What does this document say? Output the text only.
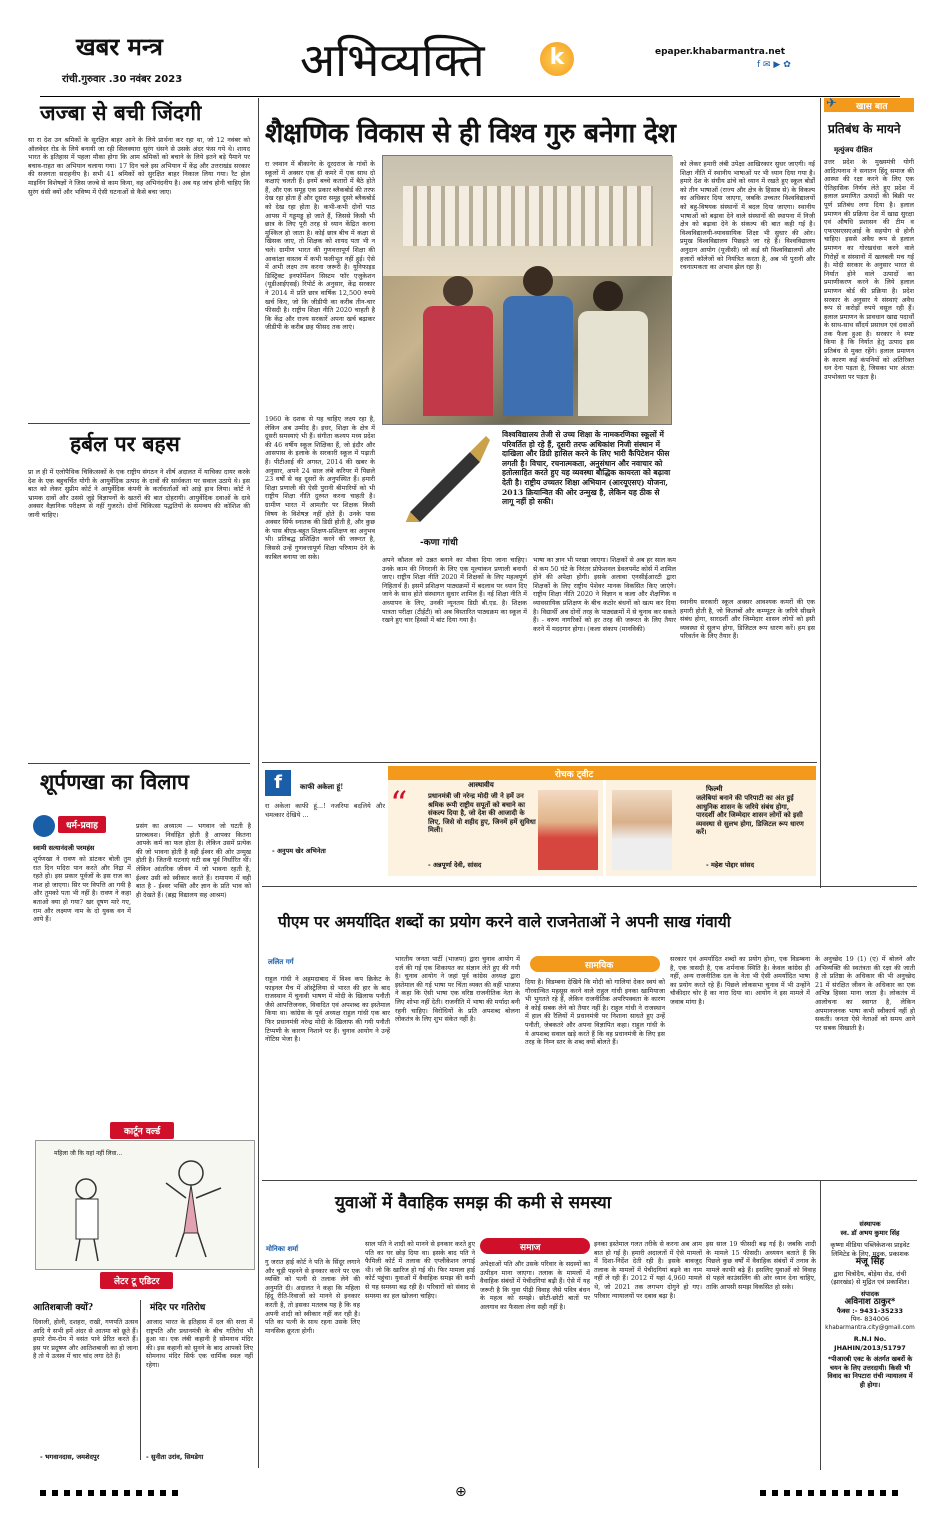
खबर मन्त्र
रांची.गुरुवार .30 नवंबर 2023	अभिव्यक्ति	k	epaper.khabarmantra.net
f ✉ ▶ ✿
जज्बा से बची जिंदगी
सा रा देश उन श्रमिकों के सुरक्षित बाहर आने के लिये प्रार्थना कर रहा था, जो 12 नवंबर को ऑलवेदर रोड के लिये बनायी जा रही सिलक्यारा सुरंग धंसने से उसके अंदर फंस गये थे। शायद भारत के इतिहास में पहला मौका होगा कि आम श्रमिकों को बचाने के लिये इतने बड़े पैमाने पर बचाव-राहत का अभियान चलाया गया। 17 दिन चले इस अभियान में केंद्र और उत्तराखंड सरकार की सजगता सराहनीय है। सभी 41 श्रमिकों को सुरक्षित बाहर निकाल लिया गया। रैट होल माइनिंग विशेषज्ञों ने जिस जज्बे से काम किया, वह अभिनंदनीय है। अब यह जांच होनी चाहिए कि सुरंग धंसी क्यों और भविष्य में ऐसी घटनाओं से कैसे बचा जाए।
हर्बल पर बहस
प्रा ल ही में एलोपैथिक चिकित्सकों के एक राष्ट्रीय संगठन ने शीर्ष अदालत में याचिका दायर करके देश के एक बहुचर्चित योगी के आयुर्वेदिक उत्पाद के दावों की सार्थकता पर सवाल उठाये थे। इस बात को लेकर सुप्रीम कोर्ट ने आयुर्वेदिक कंपनी के कर्ताधर्ताओं को आड़े हाथ लिया। कोर्ट ने भ्रामक दावों और उससे जुड़े विज्ञापनों के खतरों की बात दोहरायी। आयुर्वेदिक दवाओं के दावे अक्सर वैज्ञानिक परीक्षण से नहीं गुजरते। दोनों चिकित्सा पद्धतियों के समन्वय की कोशिश की जानी चाहिए।
शूर्पणखा का विलाप
धर्म-प्रवाह
स्वामी सत्यानंदजी परमहंस
शूर्पणखा ने रावण को डांटकर बोली तुम रात दिन मदिरा पान करते और निद्रा में रहते हो। इस प्रकार पूर्वजों के इस राज का नाश हो जाएगा। सिर पर विपत्ति आ गयी है और तुमको पता भी नहीं है। रावण ने कहा बताओ क्या हो गया? खर दूषण मारे गए, राम और लक्ष्मण नाम के दो युवक वन में आये हैं।
प्रसंग का अध्यात्म — भगवान जो घटती है प्रारब्धवश। निर्वाहित होती है आपका कितना आपके कर्म का फल होता है। लेकिन उसमें प्रत्येक की जो भावना होती है वही ईश्वर की ओर उन्मुख होती है। जितनी घटनाएं घटी सब पूर्व निर्धारित थीं। लेकिन आंतरिक जीवन में जो भावना रहती है, ईश्वर उसी को स्वीकार करते हैं। रामायण में वही बात है - ईश्वर भक्ति और ज्ञान के प्रति भाव को ही देखते हैं। (ब्रह्म विद्यालय सह आश्रम)
कार्टून वर्ल्ड
महिला जी कि यहां नहीं लिवा...
लेटर टू एडिटर
आतिशबाजी क्यों?
दिवाली, होली, दशहरा, राखी, गणपति उत्सव आदि ये सभी हमें अंदर से आतमा को छूते हैं। हमारे रोम-रोम में वसंत पाने प्रेरित करते हैं। इस पर प्रदूषण और आतिशबाजी का हो जाना है तो ये उत्सव में चार चांद लगा देते हैं।
- भगवानदास, जमशेदपुर
मंदिर पर गतिरोध
आजाद भारत के इतिहास में दल की सत्ता में राष्ट्रपति और प्रधानमंत्री के बीच गतिरोध भी हुआ था। एक लंबी कहानी है सोमनाथ मंदिर की। इस कहानी को सुनने के बाद आपको लिए सोमनाथ मंदिर सिर्फ एक धार्मिक स्थल नहीं रहेगा।
- सुनीता उरांव, सिमडेगा
शैक्षणिक विकास से ही विश्व गुरु बनेगा देश
रा ज्स्थान में बीकानेर के दूरदराज के गांवों के स्कूलों में अक्सर एक ही कमरे में एक साथ दो कक्षाएं चलती हैं। इनमें बच्चे कतारों में बैठे होते हैं, और एक समूह एक प्रकार ब्लैकबोर्ड की तरफ देख रहा होता है और दूसरा समूह दूसरे ब्लैकबोर्ड को देख रहा होता है। कभी-कभी दोनों पाठ आपस में गड्डमड्ड हो जाते हैं, जिससे किसी भी छात्र के लिए पूरी तरह से ध्यान केंद्रित करना मुश्किल हो जाता है। कोई छात्र बीच में कक्षा से खिसक जाए, तो शिक्षक को शायद पता भी न चले। ग्रामीण भारत की गुणवत्तापूर्ण शिक्षा की आकांक्षा वास्तव में कभी फलीभूत नहीं हुई। ऐसे में अभी लक्ष्य तय करना जरूरी है। यूनिफाइड डिस्ट्रिक्ट इनफॉर्मेशन सिस्टम फॉर एजुकेशन (यूडीआईएसई) रिपोर्ट के अनुसार, केंद्र सरकार ने 2014 में प्रति छात्र वार्षिक 12,500 रुपये खर्च किए, जो कि जीडीपी का करीब तीन-चार फीसदी है। राष्ट्रीय शिक्षा नीति 2020 चाहती है कि केंद्र और राज्य सरकारें अपना खर्च बढ़ाकर जीडीपी के करीब छह फीसद तक लाएं।
1960 के दशक से यह चाहिए लक्ष्य रहा है, लेकिन अब उम्मीद है। इधर, शिक्षा के क्षेत्र में दूसरी समस्याएं भी हैं। संगीता कश्यप मध्य प्रदेश की 46 वर्षीय स्कूल शिक्षिका हैं, जो इंदौर और आसपास के इलाके के सरकारी स्कूल में पढ़ाती हैं। पीटीआई की अगस्त, 2014 की खबर के अनुसार, अपने 24 साल लंबे करियर में पिछले 23 वर्षों से वह दूसरों के अनुपस्थित हैं। हमारी शिक्षा प्रणाली की ऐसी पुरानी बीमारियों को भी राष्ट्रीय शिक्षा नीति दुरुस्त करना चाहती है। ग्रामीण भारत में आमतौर पर शिक्षक किसी विषय के विशेषज्ञ नहीं होते हैं। उनके पास अक्सर सिर्फ स्नातक की डिग्री होती है, और कुछ के पास बीएड-बहुत शिक्षण-प्रशिक्षण का अनुभव भी। प्रतिबद्ध प्रशिक्षित करने की जरूरत है, जिससे उन्हें गुणवत्तापूर्ण शिक्षा परिणाम देने के काबिल बनाया जा सके।
विश्वविद्यालय तेजी से उच्च शिक्षा के नामकरणिका स्कूलों में परिवर्तित हो रहे हैं, दूसरी तरफ अधिकांश निजी संस्थान में दाखिला और डिग्री हासिल करने के लिए भारी कैपिटेशन फीस लगती है। विचार, रचनात्मकता, अनुसंधान और नवाचार को हतोत्साहित करते हुए यह व्यवस्था बौद्धिक कायरता को बढ़ावा देती है। राष्ट्रीय उच्चतर शिक्षा अभियान (आरयूएसए) योजना, 2013 क्रियान्वित की ओर उन्मुख है, लेकिन यह ठीक से लागू नहीं हो सकी।
-कणा गांधी
अपने कौशल को उन्नत बनाने का मौका दिया जाना चाहिए। उनके काम की निगरानी के लिए एक मूल्यांकन प्रणाली बनायी जाए। राष्ट्रीय शिक्षा नीति 2020 में शिक्षकों के लिए महत्वपूर्ण निहितार्थ हैं। इसमें प्रशिक्षण पाठ्यक्रमों में बदलाव पर ध्यान दिए जाने के साथ होते संस्थागत सुधार शामिल हैं। नई शिक्षा नीति में अध्यापन के लिए, उनकी न्यूनतम डिग्री बी.एड. है। शिक्षक पात्रता परीक्षा (टीईटी) को अब विस्तारित पाठ्यक्रम का स्कूल में रखने हुए चार हिस्सों में बांट दिया गया है।
भाषा का ज्ञान भी परखा जाएगा। शिक्षकों से अब हर साल कम से कम 50 घंटे के निरंतर प्रोफेशनल डेवलपमेंट कोर्स में शामिल होने की अपेक्षा होगी। इसके अलावा एनसीईआरटी द्वारा शिक्षकों के लिए राष्ट्रीय पेशेवर मानक विकसित किए जाएंगे। राष्ट्रीय शिक्षा नीति 2020 ने विज्ञान व कला और शैक्षणिक व व्यावसायिक प्रशिक्षण के बीच कठोर बंधनों को खत्म कर दिया है। विद्यार्थी अब दोनों तरह के पाठ्यक्रमों में से चुनाव कर सकते हैं। - वरुण नागरिकों को हर तरह की जरूरत के लिए तैयार करने में मददगार होगा। (कला संकाय (मानविकी)
को लेकर हमारी लंबी उपेक्षा आखिरकार सुधर जाएगी। नई शिक्षा नीति में स्थानीय भाषाओं पर भी ध्यान दिया गया है। हमारे देश के संघीय ढांचे को ध्यान में रखते हुए स्कूल बोर्डों को तीन भाषाओं (राज्य और क्षेत्र के हिसाब से) के विकल्प का अधिकार दिया जाएगा, जबकि उच्चतर विश्वविद्यालयों को बहु-विषयक संस्थानों में बदल दिया जाएगा। स्थानीय भाषाओं को बढ़ावा देने वाले संस्थानों की स्थापना में निजी क्षेत्र को बढ़ावा देने के संकल्प की बात कही गई है। विश्वविद्यालयी-व्यावसायिक शिक्षा भी सुधार की ओर। प्रमुख विश्वविद्यालय पिछड़ते जा रहे हैं। विश्वविद्यालय अनुदान आयोग (यूजीसी) जो कई सौ विश्वविद्यालयों और हजारों कॉलेजों को नियंत्रित करता है, अब भी पुरानी और रचनात्मकता का अभाव झेल रहा है।
स्थानीय सरकारी स्कूल अक्सर आवश्यक कमरों की एक हमारी होती है, जो किताबों और कम्प्यूटर के जरिये सीखने संबंध होगा, सारदर्शी और जिम्मेदार शासन लोगों को इसी व्यवस्था से सुलभ होगा, डिजिटल रूप धारण करें। हम इस परिवर्तन के लिए तैयार हैं।
f	काफी अकेला हूं!
रा अकेला काफी हूं...! नजरिया बदलिये और चमत्कार देखिये ...
- अनुपम खेर अभिनेता
रोचक ट्वीट
आस्थावीय
“	प्रधानमंत्री जी नरेन्द्र मोदी जी ने हमें उन श्रमिक रूपी राष्ट्रीय सपूतों को बचाने का संकल्प दिया है, जो देश की आजादी के लिए, जिसे वो शहीद हुए, जिनमें हमें सुविधा मिली।
- अन्नपूर्णा देवी, सांसद
फिल्मी
जलेबियां बनाने की परिपाटी का अंत हुई आधुनिक शासन के जरिये संबंध होगा, पारदर्शी और जिम्मेदार शासन लोगों को इसी व्यवस्था से सुलभ होगा, डिजिटल रूप धारण करें।
- महेश पोद्दार सांसद
✈ खास बात
प्रतिबंध के मायने
मृत्युंजय दीक्षित
उत्तर प्रदेश के मुख्यमंत्री योगी आदित्यनाथ ने सनातन हिंदू समाज की आस्था की रक्षा करने के लिए एक ऐतिहासिक निर्णय लेते हुए प्रदेश में हलाल प्रमाणित उत्पादों की बिक्री पर पूर्ण प्रतिबंध लगा दिया है। हलाल प्रमाणन की प्रक्रिया देश में खाद्य सुरक्षा एवं औषधि प्रशासन की टीम व एफएसएसएआई के सहयोग से होनी चाहिए। इससे अवैध रूप से हलाल प्रमाणन का गोरखधंधा करने वाले गिरोहों व संस्थानों में खलबली मच गई है। मोदी सरकार के अनुसार भारत से निर्यात होने वाले उत्पादों का प्रमाणीकरण करने के लिये हलाल प्रमाणन बोर्ड की प्रक्रिया है। प्रदेश सरकार के अनुसार ये संस्थाएं अवैध रूप से करोड़ों रुपये वसूल रही हैं। हलाल प्रमाणन के प्रावधान खाद्य पदार्थों के साथ-साथ सौंदर्य प्रसाधन एवं दवाओं तक फैला हुआ है। सरकार ने स्पष्ट किया है कि निर्यात हेतु उत्पाद इस प्रतिबंध से मुक्त रहेंगे। हलाल प्रमाणन के कारण कई कंपनियों को अतिरिक्त धन देना पड़ता है, जिसका भार अंततः उपभोक्ता पर पड़ता है।
पीएम पर अमर्यादित शब्दों का प्रयोग करने वाले राजनेताओं ने अपनी साख गंवायी
ललित गर्ग
राहुल गांधी ने अहमदाबाद में विश्व कप क्रिकेट के फाइनल मैच में ऑस्ट्रेलिया से भारत की हार के बाद राजस्थान में चुनावी भाषण में मोदी के खिलाफ पनौती जैसे आपत्तिजनक, विवादित एवं अपशब्द का इस्तेमाल किया था। कांग्रेस के पूर्व अध्यक्ष राहुल गांधी एक बार फिर प्रधानमंत्री नरेन्द्र मोदी के खिलाफ की गयी पनौती टिप्पणी के कारण निशाने पर हैं। चुनाव आयोग ने उन्हें नोटिस भेजा है।
भारतीय जनता पार्टी (भाजपा) द्वारा चुनाव आयोग में दर्ज की गई एक शिकायत का संज्ञान लेते हुए की गयी है। चुनाव आयोग ने जहां पूर्व कांग्रेस अध्यक्ष द्वारा इस्तेमाल की गई भाषा पर चिंता व्यक्त की वहीं भाजपा ने कहा कि ऐसी भाषा एक वरिष्ठ राजनीतिक नेता के लिए शोभा नहीं देती। राजनीति में भाषा की मर्यादा बनी रहनी चाहिए। विरोधियों के प्रति अपशब्द बोलना लोकतंत्र के लिए शुभ संकेत नहीं है।
सामयिक
दिया है। विडम्बना देखिये कि मोदी को गालियां देकर स्वयं को गौरवान्वित महसूस करने वाले राहुल गांधी इनका खामियाजा भी भुगतते रहे हैं, लेकिन राजनीतिक अपरिपक्वता के कारण वे कोई सबक लेने को तैयार नहीं है। राहुल गांधी ने राजस्थान में हाल की रैलियों में प्रधानमंत्री पर निशाना साधते हुए उन्हें पनौती, जेबकतरे और अपना विज्ञापित कहा। राहुल गांधी के ये अपशब्द सवाल खड़े करते हैं कि वह प्रधानमंत्री के लिए इस तरह के निम्न स्तर के शब्द क्यों बोलते हैं।
सरकार एवं अमर्यादित शब्दों का प्रयोग होना, एक विडम्बना है, एक त्रासदी है, एक शर्मनाक स्थिति है। केवल कांग्रेस ही नहीं, अन्य राजनीतिक दल के नेता भी ऐसी अमर्यादित भाषा का प्रयोग करते रहे हैं। पिछले लोकसभा चुनाव में भी उन्होंने चौकीदार चोर है का नारा दिया था। आयोग ने इस मामले में जवाब मांगा है।
के अनुच्छेद 19 (1) (ए) में बोलने और अभिव्यक्ति की स्वतंत्रता की रक्षा की जाती है तो प्रतिष्ठा के अधिकार की भी अनुच्छेद 21 में संरक्षित जीवन के अधिकार का एक अभिन्न हिस्सा माना जाता है। लोकतंत्र में आलोचना का स्वागत है, लेकिन अपमानजनक भाषा कभी स्वीकार्य नहीं हो सकती। जनता ऐसे नेताओं को समय आने पर सबक सिखाती है।
युवाओं में वैवाहिक समझ की कमी से समस्या
मोनिका शर्मा
गु जरात हाई कोर्ट ने पति के सिंदूर लगाने और चूड़ी पहनने से इनकार करने पर एक व्यक्ति को पत्नी से तलाक लेने की अनुमति दी। अदालत ने कहा कि महिला हिंदू रीति-रिवाजों को मानने से इनकार करती है, तो इसका मतलब यह है कि वह अपनी शादी को स्वीकार नहीं कर रही है। पति का पत्नी के साथ रहना उसके लिए मानसिक क्रूरता होगी।
साल पति ने शादी को मानने से इनकार करते हुए पति का घर छोड़ दिया था। इसके बाद पति ने फैमिली कोर्ट में तलाक की एप्लीकेशन लगाई थी। जो कि खारिज हो गई थी। फिर मामला हाई कोर्ट पहुंचा। युवाओं में वैवाहिक समझ की कमी से यह समस्या बढ़ रही है। परिवारों को संवाद से समस्या का हल खोजना चाहिए।
समाज
अपेक्षाओं पति और उसके परिवार के सदस्यों का उत्पीड़न माना जाएगा। तलाक के मामलों में वैवाहिक संबंधों में पेचीदगियां बढ़ी हैं। ऐसे में यह जरूरी है कि युवा पीढ़ी विवाह जैसे पवित्र बंधन के महत्व को समझे। छोटी-छोटी बातों पर अलगाव का फैसला लेना सही नहीं है।
इनका इस्तेमाल गलत तरीके से करना अब आम बात हो गई है। हमारी अदालतों में ऐसे मामलों में दिशा-निर्देश देती रही है। इसके बावजूद तलाक के मामलों में पेचीदगियां बढ़ने का नाम नहीं ले रही हैं। 2012 में यहां 4,960 मामले थे, जो 2021 तक लगभग दोगुने हो गए। परिवार न्यायालयों पर दबाव बढ़ा है।
इस साल 19 फीसदी बढ़ गई है। जबकि शादी के मामले 15 फीसदी। अध्ययन बताते हैं कि पिछले कुछ वर्षों में वैवाहिक संबंधों में तनाव के मामले काफी बढ़े हैं। इसलिए युवाओं को विवाह से पहले काउंसलिंग की ओर ध्यान देना चाहिए, ताकि आपसी समझ विकसित हो सके।
संस्थापक
स्व. डॉ अभय कुमार सिंह
कृष्णा मीडिया पब्लिकेशन्स प्राइवेट लिमिटेड के लिए, मुद्रक, प्रकाशक
मंजू सिंह
द्वारा चित्रोदैय, बोड़ेया रोड, रांची (झारखंड) से मुद्रित एवं प्रकाशित।
संपादक
अविनाश ठाकुर*
फैक्स :- 9431-35233
पिन- 834006
khabarmantra.city@gmail.com
R.N.I No.
JHAHIN/2013/51797
*पीआरबी एक्ट के अंतर्गत खबरों के चयन के लिए उत्तरदायी। किसी भी विवाद का निपटारा रांची न्यायालय में ही होगा।
⊕
